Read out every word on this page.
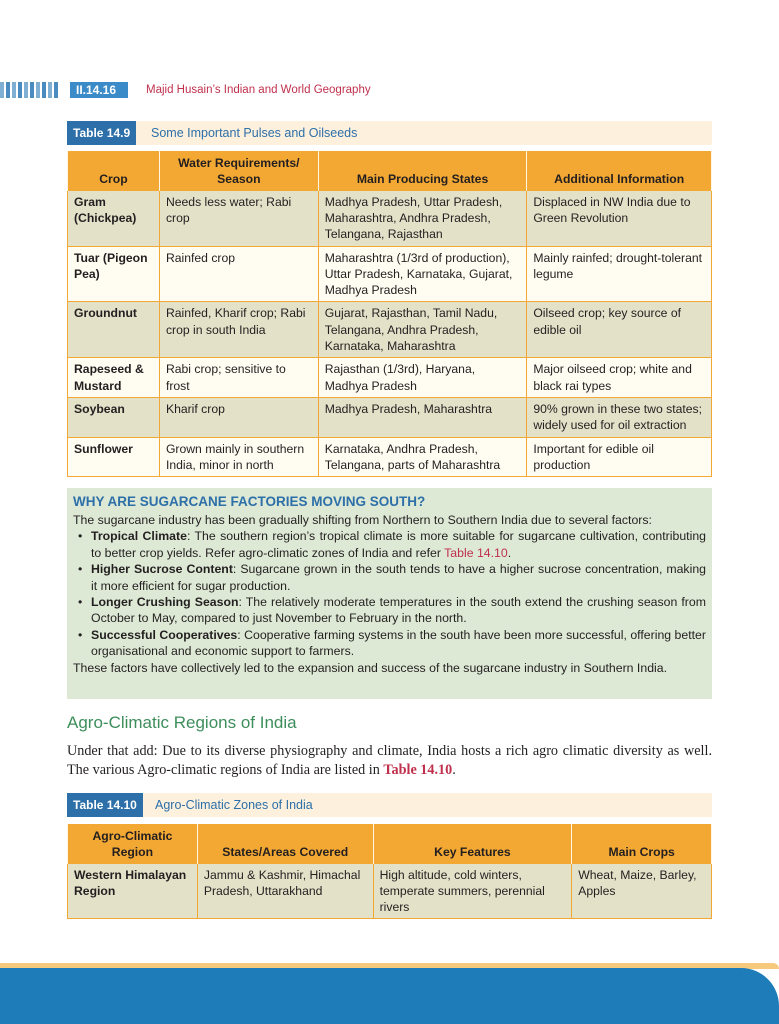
II.14.16	Majid Husain’s Indian and World Geography
Table 14.9	Some Important Pulses and Oilseeds
Crop	Water Requirements/ Season	Main Producing States	Additional Information
Gram (Chickpea)	Needs less water; Rabi crop	Madhya Pradesh, Uttar Pradesh, Maharashtra, Andhra Pradesh, Telangana, Rajasthan	Displaced in NW India due to Green Revolution
Tuar (Pigeon Pea)	Rainfed crop	Maharashtra (1/3rd of production), Uttar Pradesh, Karnataka, Gujarat, Madhya Pradesh	Mainly rainfed; drought-tolerant legume
Groundnut	Rainfed, Kharif crop; Rabi crop in south India	Gujarat, Rajasthan, Tamil Nadu, Telangana, Andhra Pradesh, Karnataka, Maharashtra	Oilseed crop; key source of edible oil
Rapeseed & Mustard	Rabi crop; sensitive to frost	Rajasthan (1/3rd), Haryana, Madhya Pradesh	Major oilseed crop; white and black rai types
Soybean	Kharif crop	Madhya Pradesh, Maharashtra	90% grown in these two states; widely used for oil extraction
Sunflower	Grown mainly in southern India, minor in north	Karnataka, Andhra Pradesh, Telangana, parts of Maharashtra	Important for edible oil production
WHY ARE SUGARCANE FACTORIES MOVING SOUTH?

The sugarcane industry has been gradually shifting from Northern to Southern India due to several factors:

• Tropical Climate: The southern region’s tropical climate is more suitable for sugarcane cultivation, contributing to better crop yields. Refer agro-climatic zones of India and refer Table 14.10.
• Higher Sucrose Content: Sugarcane grown in the south tends to have a higher sucrose concentration, making it more efficient for sugar production.
• Longer Crushing Season: The relatively moderate temperatures in the south extend the crushing season from October to May, compared to just November to February in the north.
• Successful Cooperatives: Cooperative farming systems in the south have been more successful, offering better organisational and economic support to farmers.

These factors have collectively led to the expansion and success of the sugarcane industry in Southern India.

Agro-Climatic Regions of India

Under that add: Due to its diverse physiography and climate, India hosts a rich agro climatic diversity as well. The various Agro-climatic regions of India are listed in Table 14.10.

Table 14.10	Agro-Climatic Zones of India
Agro-Climatic Region	States/Areas Covered	Key Features	Main Crops
Western Himalayan Region	Jammu & Kashmir, Himachal Pradesh, Uttarakhand	High altitude, cold winters, temperate summers, perennial rivers	Wheat, Maize, Barley, Apples
